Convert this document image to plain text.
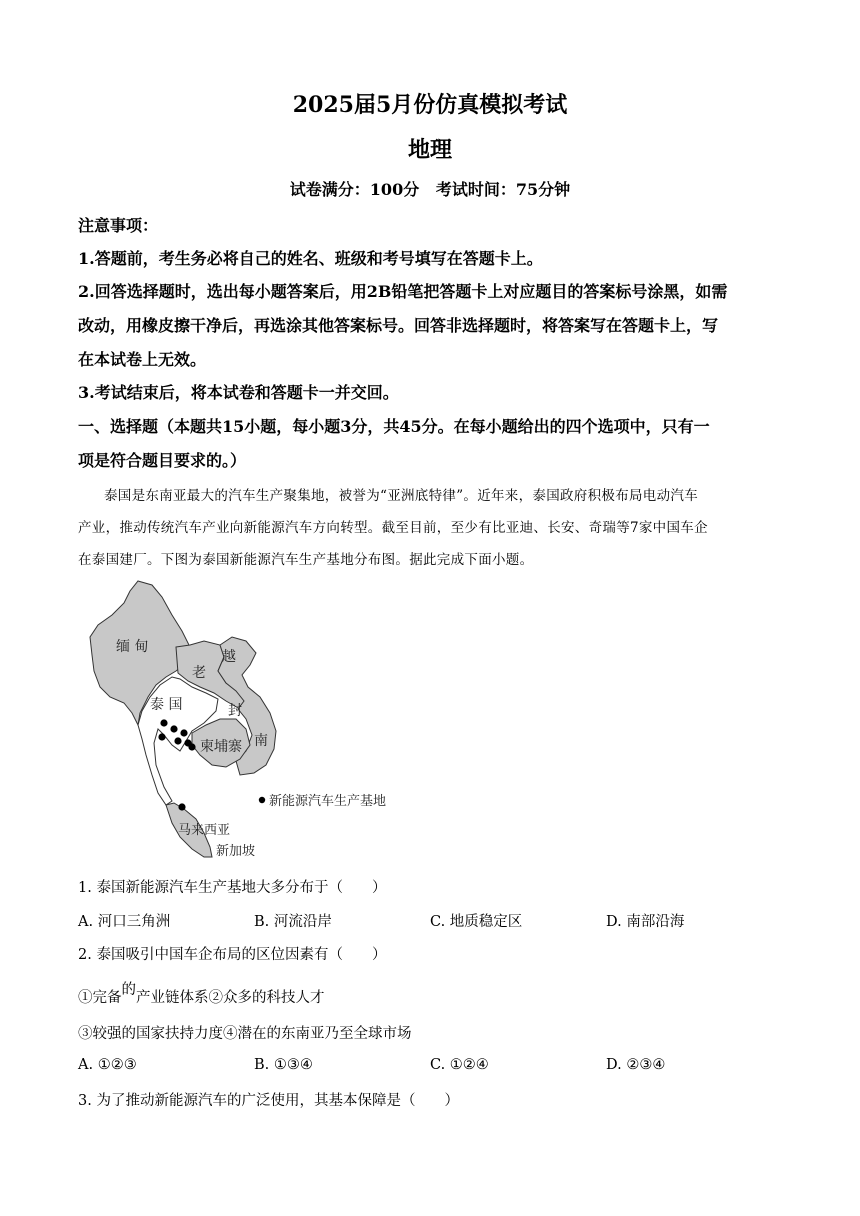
2025届5月份仿真模拟考试
地理
试卷满分：100分   考试时间：75分钟
注意事项：
1.答题前，考生务必将自己的姓名、班级和考号填写在答题卡上。
2.回答选择题时，选出每小题答案后，用2B铅笔把答题卡上对应题目的答案标号涂黑，如需
改动，用橡皮擦干净后，再选涂其他答案标号。回答非选择题时，将答案写在答题卡上，写
在本试卷上无效。
3.考试结束后，将本试卷和答题卡一并交回。
一、选择题（本题共15小题，每小题3分，共45分。在每小题给出的四个选项中，只有一
项是符合题目要求的。）
泰国是东南亚最大的汽车生产聚集地，被誉为“亚洲底特律”。近年来，泰国政府积极布局电动汽车
产业，推动传统汽车产业向新能源汽车方向转型。截至目前，至少有比亚迪、长安、奇瑞等7家中国车企
在泰国建厂。下图为泰国新能源汽车生产基地分布图。据此完成下面小题。
缅 甸
老
越
泰 国	封
柬埔寨 南
马来西亚
新加坡
新能源汽车生产基地
1. 泰国新能源汽车生产基地大多分布于（　　）
A. 河口三角洲	B. 河流沿岸	C. 地质稳定区	D. 南部沿海
2. 泰国吸引中国车企布局的区位因素有（　　）
①完备的产业链体系②众多的科技人才
③较强的国家扶持力度④潜在的东南亚乃至全球市场
A. ①②③	B. ①③④	C. ①②④	D. ②③④
3. 为了推动新能源汽车的广泛使用，其基本保障是（　　）
